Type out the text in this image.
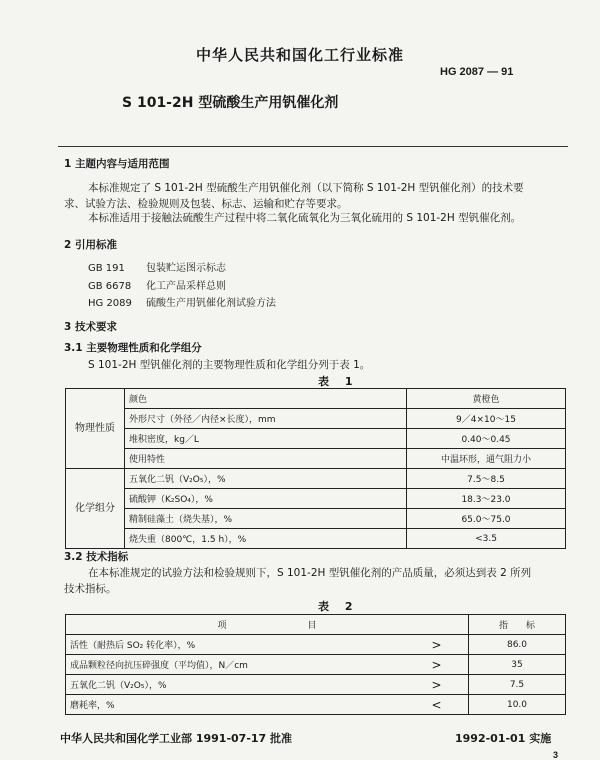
中华人民共和国化工行业标准
HG 2087 — 91
S 101-2H 型硫酸生产用钒催化剂
1 主题内容与适用范围
本标准规定了 S 101-2H 型硫酸生产用钒催化剂（以下简称 S 101-2H 型钒催化剂）的技术要
求、试验方法、检验规则及包装、标志、运输和贮存等要求。
本标准适用于接触法硫酸生产过程中将二氧化硫氧化为三氧化硫用的 S 101-2H 型钒催化剂。
2 引用标准
GB 191 包装贮运图示标志
GB 6678 化工产品采样总则
HG 2089 硫酸生产用钒催化剂试验方法
3 技术要求
3.1 主要物理性质和化学组分
S 101-2H 型钒催化剂的主要物理性质和化学组分列于表 1。
表 1
物理性质	颜色	黄橙色
	外形尺寸（外径／内径×长度），mm	9／4×10～15
	堆积密度，kg／L	0.40～0.45
	使用特性	中温环形，通气阻力小
化学组分	五氧化二钒（V₂O₅），%	7.5～8.5
	硫酸钾（K₂SO₄），%	18.3～23.0
	精制硅藻土（烧失基），%	65.0～75.0
	烧失重（800℃，1.5 h），%	<3.5
3.2 技术指标
在本标准规定的试验方法和检验规则下，S 101-2H 型钒催化剂的产品质量，必须达到表 2 所列
技术指标。
表 2
项　　　　　　　　　目		指　　标
活性（耐热后 SO₂ 转化率），%	>	86.0
成品颗粒径向抗压碎强度（平均值），N／cm	>	35
五氧化二钒（V₂O₅），%	>	7.5
磨耗率，%	<	10.0
中华人民共和国化学工业部 1991-07-17 批准	1992-01-01 实施
3
